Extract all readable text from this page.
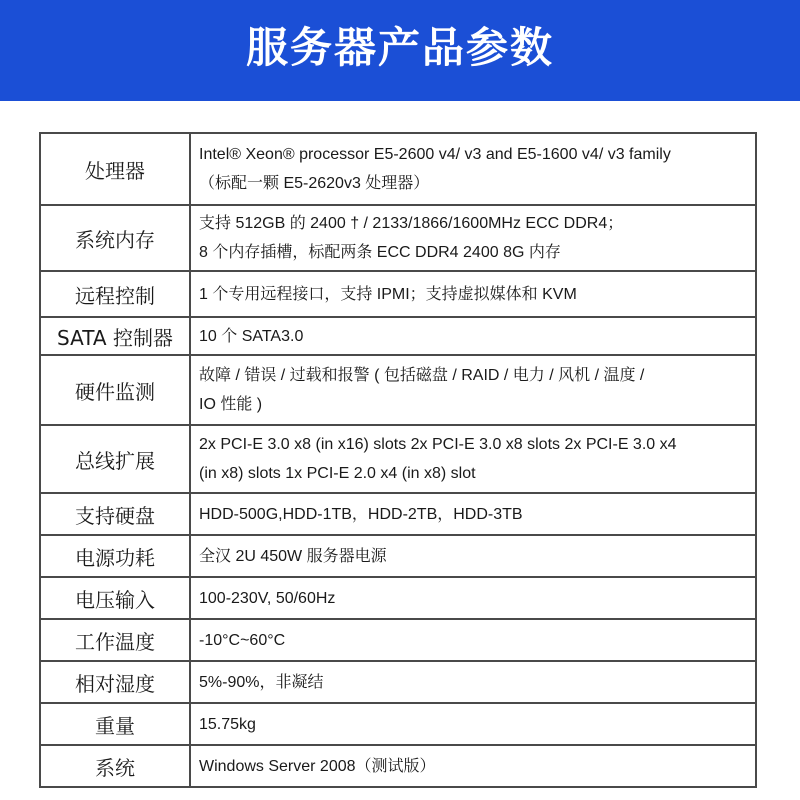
服务器产品参数
处理器	Intel® Xeon® processor E5-2600 v4/ v3 and E5-1600 v4/ v3 family
（标配一颗 E5-2620v3 处理器）

系统内存	支持 512GB 的 2400 † / 2133/1866/1600MHz ECC DDR4；
8 个内存插槽，标配两条 ECC DDR4 2400 8G 内存

远程控制	1 个专用远程接口，支持 IPMI；支持虚拟媒体和 KVM

SATA 控制器	10 个 SATA3.0

硬件监测	故障 / 错误 / 过载和报警 ( 包括磁盘 / RAID / 电力 / 风机 / 温度 /
IO 性能 )

总线扩展	2x PCI-E 3.0 x8 (in x16) slots 2x PCI-E 3.0 x8 slots 2x PCI-E 3.0 x4
(in x8) slots 1x PCI-E 2.0 x4 (in x8) slot

支持硬盘	HDD-500G,HDD-1TB，HDD-2TB，HDD-3TB

电源功耗	全汉 2U 450W 服务器电源

电压输入	100-230V, 50/60Hz

工作温度	-10°C~60°C

相对湿度	5%-90%，非凝结

重量	15.75kg

系统	Windows Server 2008（测试版）
